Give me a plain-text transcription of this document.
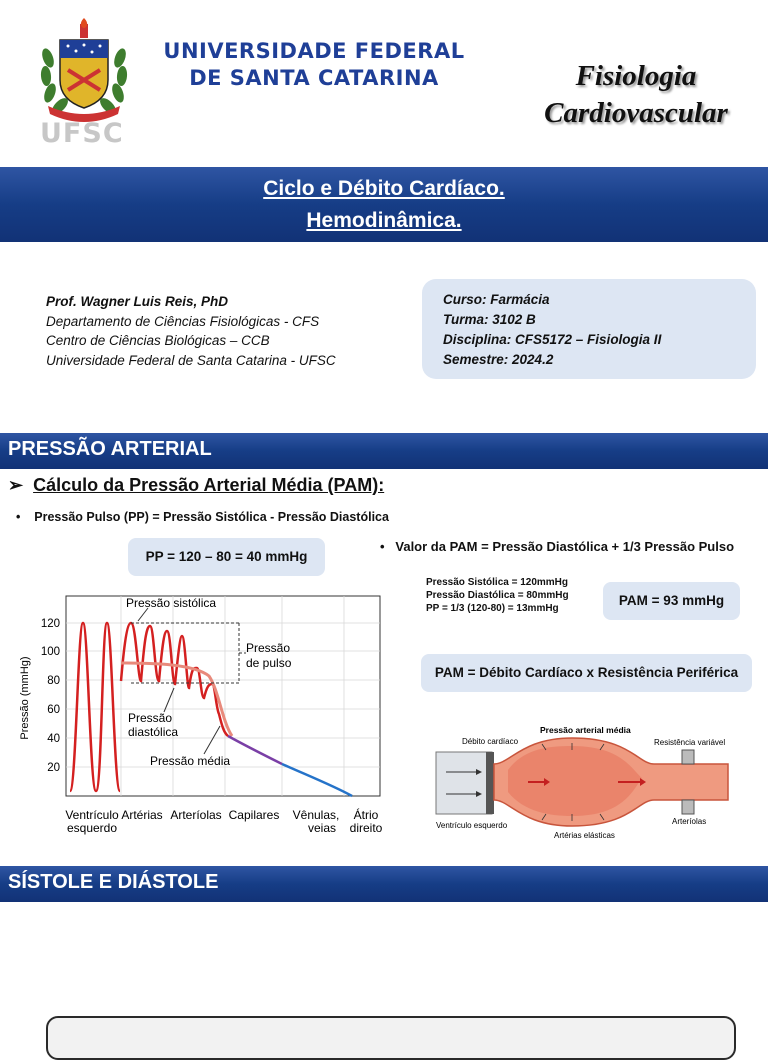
UFSC
UNIVERSIDADE FEDERAL
DE SANTA CATARINA	Fisiologia
Cardiovascular
Ciclo e Débito Cardíaco.
Hemodinâmica.
Prof. Wagner Luis Reis, PhD
Departamento de Ciências Fisiológicas - CFS
Centro de Ciências Biológicas – CCB
Universidade Federal de Santa Catarina - UFSC
Curso: Farmácia
Turma: 3102 B
Disciplina: CFS5172 – Fisiologia II
Semestre: 2024.2
PRESSÃO ARTERIAL
➢ Cálculo da Pressão Arterial Média (PAM):
•    Pressão Pulso (PP) = Pressão Sistólica - Pressão Diastólica
PP = 120 – 80 = 40 mmHg
•   Valor da PAM = Pressão Diastólica + 1/3 Pressão Pulso
Pressão Sistólica = 120mmHg
Pressão Diastólica = 80mmHg
PP = 1/3 (120-80) = 13mmHg
PAM = 93 mmHg
PAM = Débito Cardíaco x Resistência Periférica
Pressão (mmHg)
120
100
80
60
40
20
Pressão sistólica
Pressão
de pulso
Pressão
diastólica
Pressão média
Ventrículo
esquerdo
Artérias Arteríolas Capilares Vênulas,
veias
Átrio
direito
Pressão arterial média
Débito cardíaco	Resistência variável
Ventrículo esquerdo
Artérias elásticas
Arteríolas
SÍSTOLE E DIÁSTOLE
